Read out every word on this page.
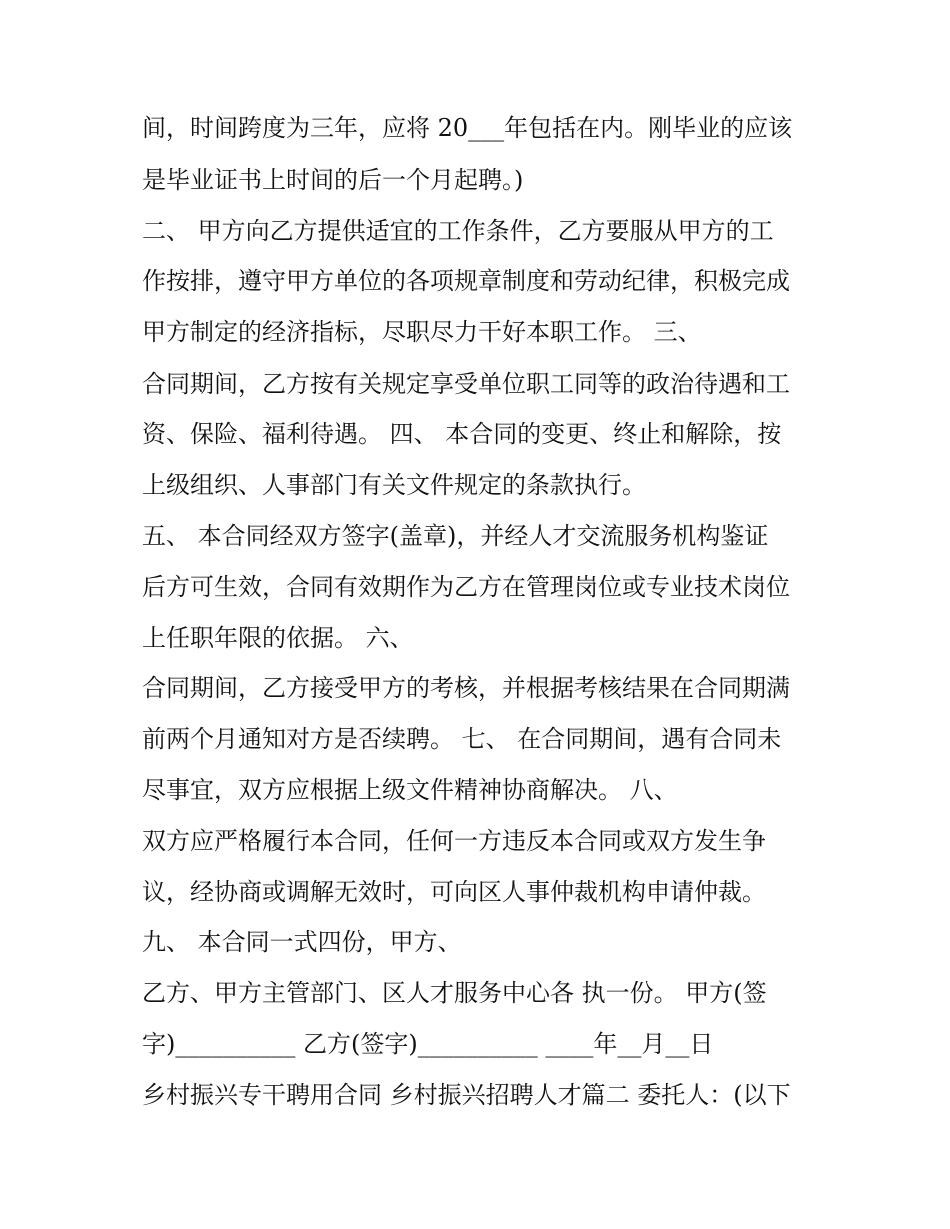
间，时间跨度为三年，应将 20___年包括在内。刚毕业的应该
是毕业证书上时间的后一个月起聘。)
二、 甲方向乙方提供适宜的工作条件，乙方要服从甲方的工
作按排，遵守甲方单位的各项规章制度和劳动纪律，积极完成
甲方制定的经济指标，尽职尽力干好本职工作。 三、
合同期间，乙方按有关规定享受单位职工同等的政治待遇和工
资、保险、福利待遇。 四、 本合同的变更、终止和解除，按
上级组织、人事部门有关文件规定的条款执行。
五、 本合同经双方签字(盖章)，并经人才交流服务机构鉴证
后方可生效，合同有效期作为乙方在管理岗位或专业技术岗位
上任职年限的依据。 六、
合同期间，乙方接受甲方的考核，并根据考核结果在合同期满
前两个月通知对方是否续聘。 七、 在合同期间，遇有合同未
尽事宜，双方应根据上级文件精神协商解决。 八、
双方应严格履行本合同，任何一方违反本合同或双方发生争
议，经协商或调解无效时，可向区人事仲裁机构申请仲裁。
九、 本合同一式四份，甲方、
乙方、甲方主管部门、区人才服务中心各 执一份。 甲方(签
字)__________ 乙方(签字)__________ ____年__月__日
乡村振兴专干聘用合同 乡村振兴招聘人才篇二 委托人：(以下
